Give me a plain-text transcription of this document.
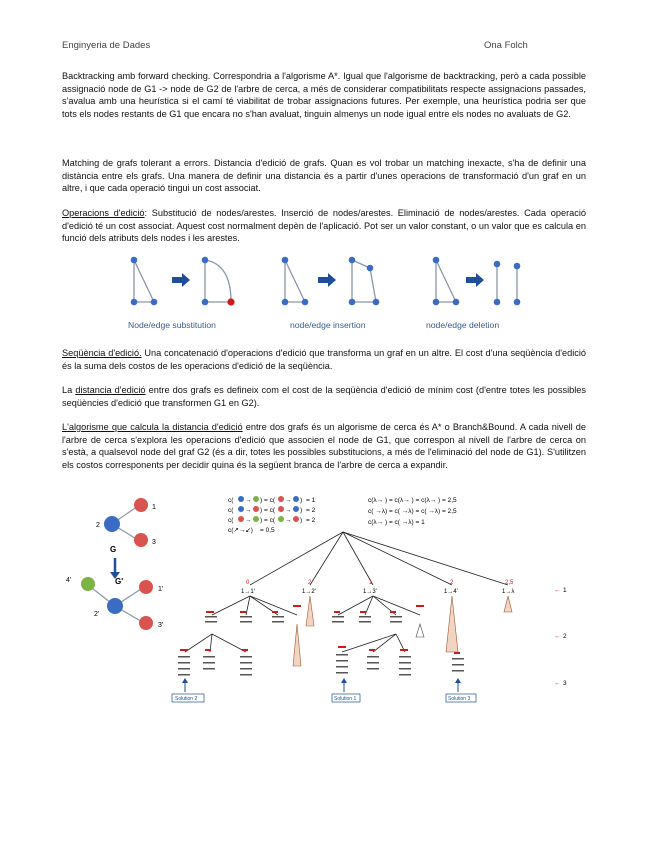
Enginyeria de Dades	Ona Folch

Backtracking amb forward checking. Correspondria a l'algorisme A*. Igual que l'algorisme de backtracking, però a cada possible assignació node de G1 -> node de G2 de l'arbre de cerca, a més de considerar compatibilitats respecte assignacions passades, s'avalua amb una heurística si el camí té viabilitat de trobar assignacions futures. Per exemple, una heurística podria ser que tots els nodes restants de G1 que encara no s'han avaluat, tinguin almenys un node igual entre els nodes no avaluats de G2.

Matching de grafs tolerant a errors. Distancia d'edició de grafs. Quan es vol trobar un matching inexacte, s'ha de definir una distància entre els grafs. Una manera de definir una distancia és a partir d'unes operacions de transformació d'un graf en un altre, i que cada operació tingui un cost associat.

Operacions d'edició: Substitució de nodes/arestes. Inserció de nodes/arestes. Eliminació de nodes/arestes. Cada operació d'edició té un cost associat. Aquest cost normalment depèn de l'aplicació. Pot ser un valor constant, o un valor que es calcula en funció dels atributs dels nodes i les arestes.

Node/edge substitution	node/edge insertion	node/edge deletion

Seqüència d'edició. Una concatenació d'operacions d'edició que transforma un graf en un altre. El cost d'una seqüència d'edició és la suma dels costos de les operacions d'edició de la seqüència.

La distancia d'edició entre dos grafs es defineix com el cost de la seqüència d'edició de mínim cost (d'entre totes les possibles seqüències d'edició que transformen G1 en G2).

L'algorisme que calcula la distancia d'edició entre dos grafs és un algorisme de cerca és A* o Branch&Bound. A cada nivell de l'arbre de cerca s'explora les operacions d'edició que associen el node de G1, que correspon al nivell de l'arbre de cerca on s'està, a qualsevol node del graf G2 (és a dir, totes les possibles substitucions, a més de l'eliminació del node de G1). S'utilitzen els costos corresponents per decidir quina és la següent branca de l'arbre de cerca a expandir.

1
2
3
G
4'	G'
1'
2'
3'
c( → ) = c( → ) = 1
c( → ) = c( → ) = 2
c( → ) = c( → ) = 2
c(↗→↙) = 0,5
c(λ→ ) = c(λ→ ) = c(λ→ ) = 2,5
c( →λ) = c( →λ) = c( →λ) = 2,5
c(λ→ ) = c( →λ) = 1
0
1→1'
2
1→2'
1
1→3'
2
1→4'
2,5
1→λ
Solution 2	Solution 1	Solution 3
← 1
← 2
← 3
